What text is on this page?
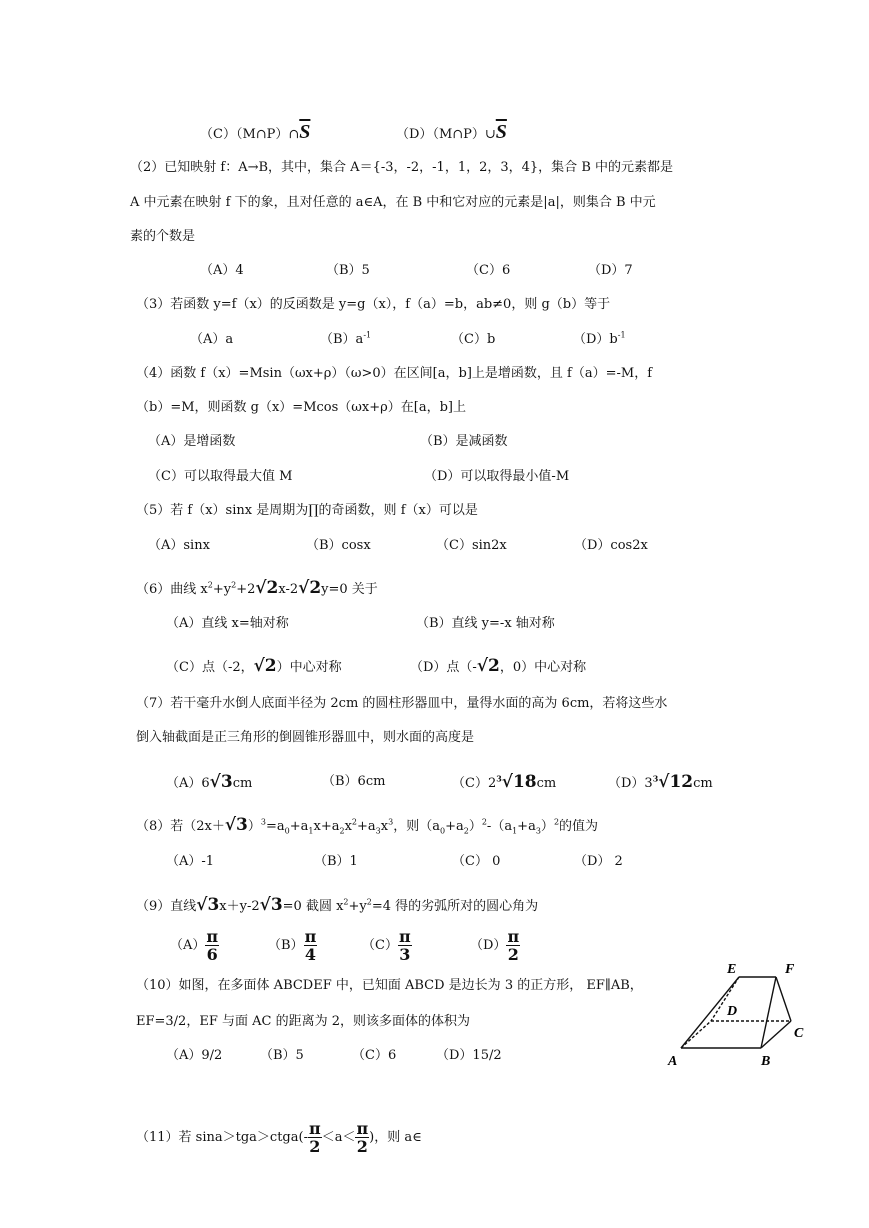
$(C)(M\cap P)\cap\overline{S}$	$(D)(M\cap P)\cup\overline{S}$
（2）已知映射 f：A→B，其中，集合 A＝{-3，-2，-1，1，2，3，4}，集合 B 中的元素都是
A 中元素在映射 f 下的象，且对任意的 a∈A，在 B 中和它对应的元素是|a|，则集合 B 中元
素的个数是
（A）4	（B）5	（C）6	（D）7
（3）若函数 y=f（x）的反函数是 y=g（x），f（a）=b，ab≠0，则 g（b）等于
（A）a	$(B)a^{-1}$	（C）b	$(D)b^{-1}$
（4）函数 f（x）=Msin（ωx+ρ）（ω>0）在区间[a，b]上是增函数，且 f（a）=-M，f
（b）=M，则函数 g（x）=Mcos（ωx+ρ）在[a，b]上
（A）是增函数	（B）是减函数
（C）可以取得最大值 M	（D）可以取得最小值-M
（5）若 f（x）sinx 是周期为∏的奇函数，则 f（x）可以是
（A）sinx	（B）cosx	（C）sin2x	（D）cos2x
（6）曲线 $x^2+y^2+2√2x-2√2y=0$ 关于
（A）直线 x=轴对称	（B）直线 y=-x 轴对称
（C）点（-2，√2）中心对称	（D）点（-√2，0）中心对称
（7）若干毫升水倒人底面半径为 2cm 的圆柱形器皿中，量得水面的高为 6cm，若将这些水
倒入轴截面是正三角形的倒圆锥形器皿中，则水面的高度是
（A）6√3cm	（B）6cm	$(C)2^3√18cm$	$(D)3^3√12cm$
（8）若$(2x+√3)^3=a_0+a_1x+a_2x^2+a_3x^3$，则$(a_0+a_2)^2-(a_1+a_3)^2$的值为
（A）-1	（B）1	（C） 0	（D） 2
（9）直线√3x＋y-2√3=0 截圆 $x^2+y^2=4$ 得的劣弧所对的圆心角为
$(A) \frac{\pi}{6}$	$(B) \frac{\pi}{4}$	$(C) \frac{\pi}{3}$	$(D) \frac{\pi}{2}$
（10）如图，在多面体 ABCDEF 中，已知面 ABCD 是边长为 3 的正方形， EF∥AB，
EF=3/2，EF 与面 AC 的距离为 2，则该多面体的体积为
（A）9/2	（B）5	（C）6	（D）15/2	A	B
C
D
E	F
（11）若 sina＞tga＞ctga(- $\frac{\pi}{2} <a< \frac{\pi}{2}$ )，则 a∈
